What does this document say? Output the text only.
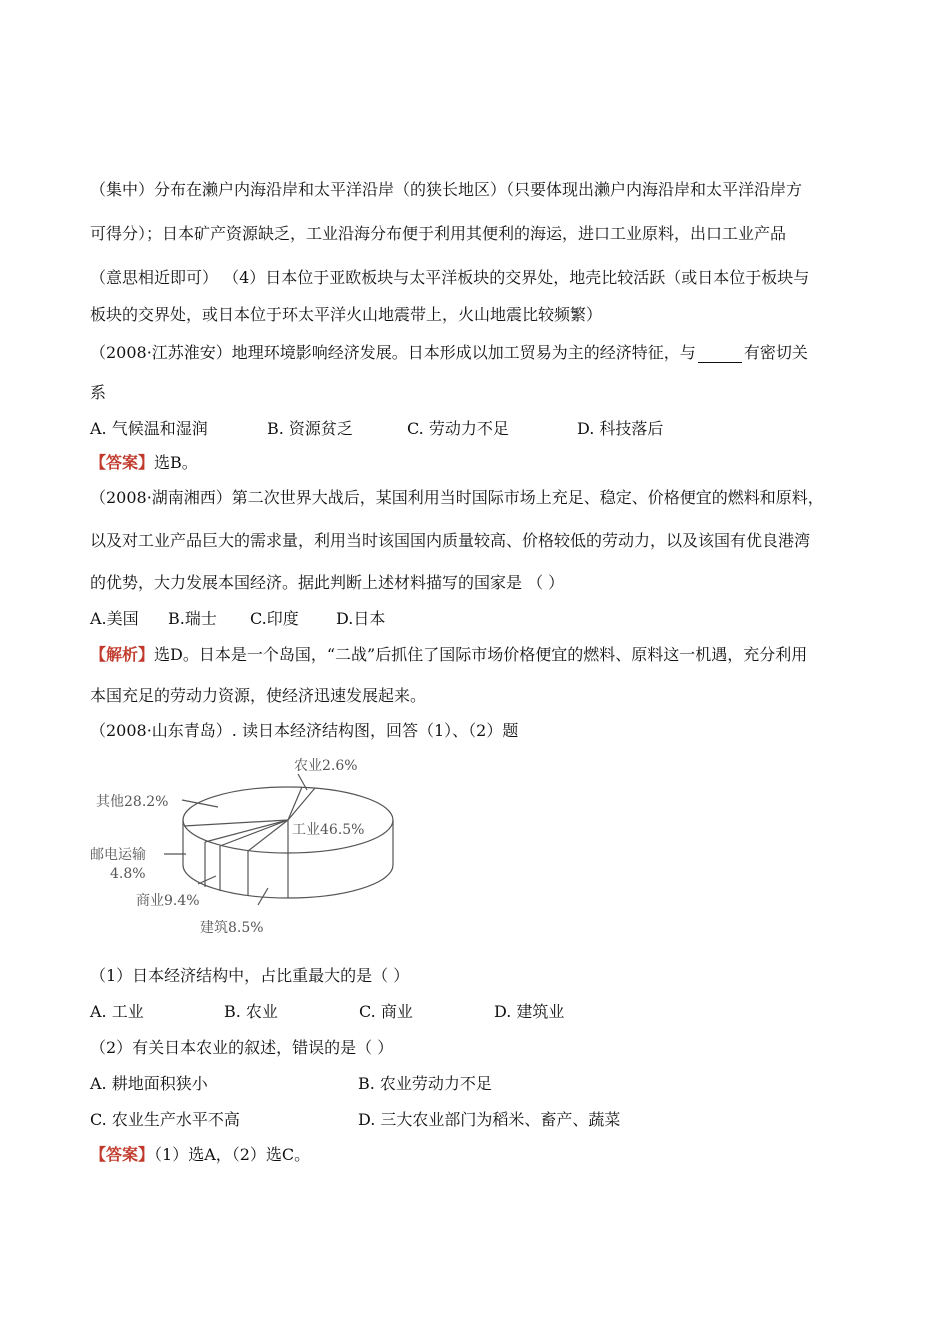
（集中）分布在濑户内海沿岸和太平洋沿岸（的狭长地区）（只要体现出濑户内海沿岸和太平洋沿岸方
可得分）；日本矿产资源缺乏，工业沿海分布便于利用其便利的海运，进口工业原料，出口工业产品
（意思相近即可） （4）日本位于亚欧板块与太平洋板块的交界处，地壳比较活跃（或日本位于板块与
板块的交界处，或日本位于环太平洋火山地震带上，火山地震比较频繁）
（2008·江苏淮安）地理环境影响经济发展。日本形成以加工贸易为主的经济特征，与	有密切关
系
A. 气候温和湿润	B. 资源贫乏	C. 劳动力不足	D. 科技落后
【答案】选B。
（2008·湖南湘西）第二次世界大战后，某国利用当时国际市场上充足、稳定、价格便宜的燃料和原料，
以及对工业产品巨大的需求量，利用当时该国国内质量较高、价格较低的劳动力，以及该国有优良港湾
的优势，大力发展本国经济。据此判断上述材料描写的国家是 （ ）
A.美国 B.瑞士 C.印度 D.日本
【解析】选D。日本是一个岛国，“二战”后抓住了国际市场价格便宜的燃料、原料这一机遇，充分利用
本国充足的劳动力资源，使经济迅速发展起来。
（2008·山东青岛）. 读日本经济结构图，回答（1）、（2）题
农业2.6%
工业46.5%
建筑8.5%
商业9.4%
邮电运输
4.8%
其他28.2%
（1）日本经济结构中，占比重最大的是（ ）
A. 工业	B. 农业	C. 商业	D. 建筑业
（2）有关日本农业的叙述，错误的是（ ）
A. 耕地面积狭小	B. 农业劳动力不足
C. 农业生产水平不高	D. 三大农业部门为稻米、畜产、蔬菜
【答案】（1）选A，（2）选C。
